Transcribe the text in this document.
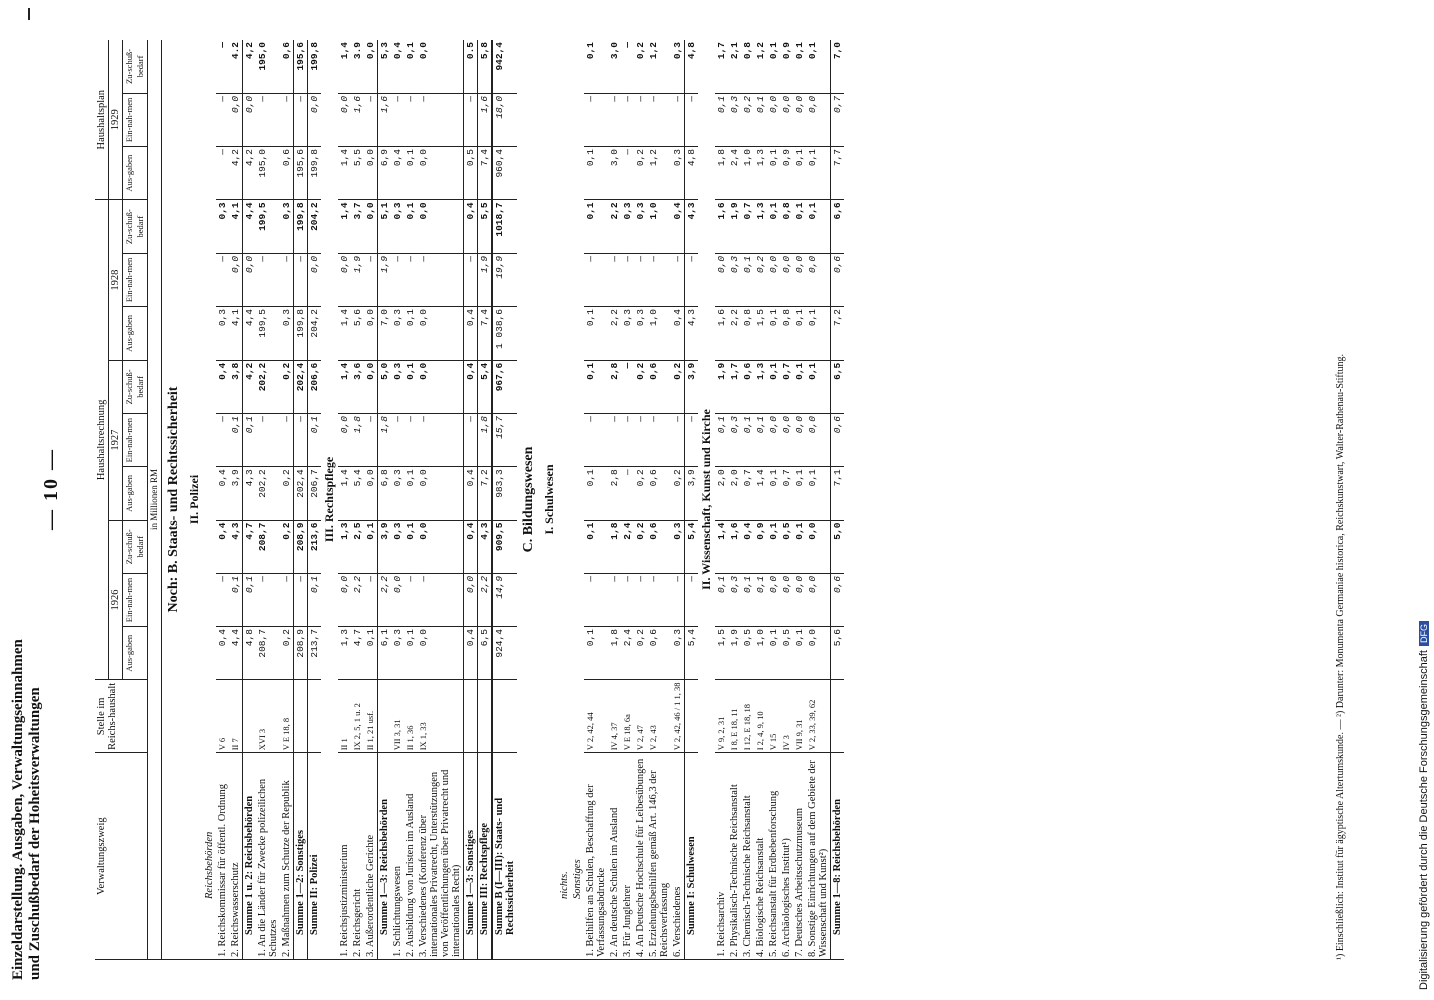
Einzeldarstellung. Ausgaben, Verwaltungseinnahmen und Zuschußbedarf der Hoheitsverwaltungen
— 10 —
Verwaltungszweig	Stelle im Reichs-haushalt	Haushaltsrechnung									Haushaltsplan		
		1926			1927			1928			1929		
		Aus-gaben	Ein-nah-men	Zu-schuß-bedarf	Aus-gaben	Ein-nah-men	Zu-schuß-bedarf	Aus-gaben	Ein-nah-men	Zu-schuß-bedarf	Aus-gaben	Ein-nah-men	Zu-schuß-bedarf
in Millionen RM													
Noch: B. Staats- und Rechtssicherheit													
II. Polizei													
Reichsbehörden													
1. Reichskommissar für öffentl. Ordnung	V 6	0,4	—	0,4	0,4	—	0,4	0,3	—	0,3	—	—	—
2. Reichswasserschutz	II 7	4,4	0,1	4,3	3,9	0,1	3,8	4,1	0,0	4,1	4,2	0,0	4.2
Summe 1 u. 2: Reichsbehörden		4,8	0,1	4,7	4,3	0,1	4,2	4,4	0,0	4,4	4,2	0,0	4,2
1. An die Länder für Zwecke polizeilichen Schutzes	XVI 3	208,7	—	208,7	202,2	—	202,2	199,5	—	199,5	195,0	—	195,0
2. Maßnahmen zum Schutze der Republik	V E 18, 8	0,2	—	0,2	0,2	—	0,2	0,3	—	0,3	0,6	—	0,6
Summe 1—2: Sonstiges		208,9	—	208,9	202,4	—	202,4	199,8	—	199,8	195,6	—	195,6
Summe II: Polizei		213,7	0,1	213,6	206,7	0,1	206,6	204,2	0,0	204,2	199,8	0,0	199,8
III. Rechtspflege													
1. Reichsjustizministerium	II 1	1,3	0,0	1,3	1,4	0,0	1,4	1,4	0,0	1,4	1,4	0,0	1,4
2. Reichsgericht	IX 2, 5, 1 u. 2	4,7	2,2	2,5	5,4	1,8	3,6	5,6	1,9	3,7	5,5	1,6	3.9
3. Außerordentliche Gerichte	II 1, 21 usf.	0,1	—	0,1	0,0	—	0,0	0,0	—	0,0	0,0	—	0,0
Summe 1—3: Reichsbehörden		6,1	2,2	3,9	6,8	1,8	5,0	7,0	1,9	5,1	6,9	1,6	5,3
1. Schlichtungswesen	VII 3, 31	0,3	0,0	0,3	0,3	—	0,3	0,3	—	0,3	0,4	—	0,4
2. Ausbildung von Juristen im Ausland	II 1, 36	0,1	—	0,1	0,1	—	0,1	0,1	—	0,1	0,1	—	0,1
3. Verschiedenes (Konferenz über internationales Privatrecht, Unterstützungen von Veröffentlichungen über Privatrecht und internationales Recht)	IX 1, 33	0,0	—	0,0	0,0	—	0,0	0,0	—	0,0	0,0	—	0,0
Summe 1—3: Sonstiges		0,4	0,0	0,4	0,4	—	0,4	0,4	—	0,4	0,5	—	0.5
Summe III: Rechtspflege		6,5	2,2	4,3	7,2	1,8	5,4	7,4	1,9	5,5	7,4	1,6	5,8
Summe B (I—III): Staats- und Rechtssicherheit		924,4	14,9	909,5	983,3	15,7	967,6	1 038,6	19,9	1018,7	960,4	18,0	942,4
C. Bildungswesen													
I. Schulwesen													
nichts.													
Sonstiges													
1. Beihilfen an Schulen, Beschaffung der Verfassungsabdrucke	V 2, 42, 44	0,1	—	0,1	0,1	—	0,1	0,1	—	0,1	0,1	—	0,1
2. An deutsche Schulen im Ausland	IV 4, 37	1,8	—	1,8	2,8	—	2,8	2,2	—	2,2	3,0	—	3,0
3. Für Junglehrer	V E 18, 6a	2,4	—	2,4	—	—	—	0,3	—	0,3	—	—	—
4. An Deutsche Hochschule für Leibesübungen	V 2, 47	0,2	—	0,2	0,2	—	0,2	0,3	—	0,3	0,2	—	0,2
5. Erziehungsbeihilfen gemäß Art. 146,3 der Reichsverfassung	V 2, 43	0,6	—	0,6	0,6	—	0,6	1,0	—	1,0	1,2	—	1,2
6. Verschiedenes	V 2, 42, 46 / 1 1, 38	0,3	—	0,3	0,2	—	0,2	0,4	—	0,4	0,3	—	0,3
Summe I: Schulwesen		5,4	—	5,4	3,9	—	3,9	4,3	—	4,3	4,8	—	4,8
II. Wissenschaft, Kunst und Kirche													
1. Reichsarchiv	V 9, 2, 31	1,5	0,1	1,4	2,0	0,1	1,9	1,6	0,0	1,6	1,8	0,1	1,7
2. Physikalisch-Technische Reichsanstalt	I 8, E 18, 11	1,9	0,3	1,6	2,0	0,3	1,7	2,2	0,3	1,9	2,4	0,3	2,1
3. Chemisch-Technische Reichsanstalt	I 12, E 18, 18	0,5	0,1	0,4	0,7	0,1	0,6	0,8	0,1	0,7	1,0	0,2	0,8
4. Biologische Reichsanstalt	I 2, 4, 9, 10	1,0	0,1	0,9	1,4	0,1	1,3	1,5	0,2	1,3	1,3	0,1	1,2
5. Reichsanstalt für Erdbebenforschung	V 15	0,1	0,0	0,1	0,1	0,0	0,1	0,1	0,0	0,1	0,1	0,0	0,1
6. Archäologisches Institut¹)	IV 3	0,5	0,0	0,5	0,7	0,0	0,7	0,8	0,0	0,8	0,9	0,0	0,9
7. Deutsches Arbeitsschutzmuseum	VII 9, 31	0,1	0,0	0,1	0,1	0,0	0,1	0,1	0,0	0,1	0,1	0,0	0,1
8. Sonstige Einrichtungen auf dem Gebiete der Wissenschaft und Kunst²)	V 2, 33, 39, 62	0,0	0,0	0,0	0,1	0,0	0,1	0,1	0,0	0,1	0,1	0,0	0,1
Summe 1—8: Reichsbehörden		5,6	0,6	5,0	7,1	0,6	6,5	7,2	0,6	6,6	7,7	0,7	7,0
¹) Einschließlich: Institut für ägyptische Altertumskunde. — ²) Darunter: Monumenta Germaniae historica, Reichskunstwart, Walter-Rathenau-Stiftung.	Digitalisierung gefördert durch die Deutsche ForschungsgemeinschaftDFG
